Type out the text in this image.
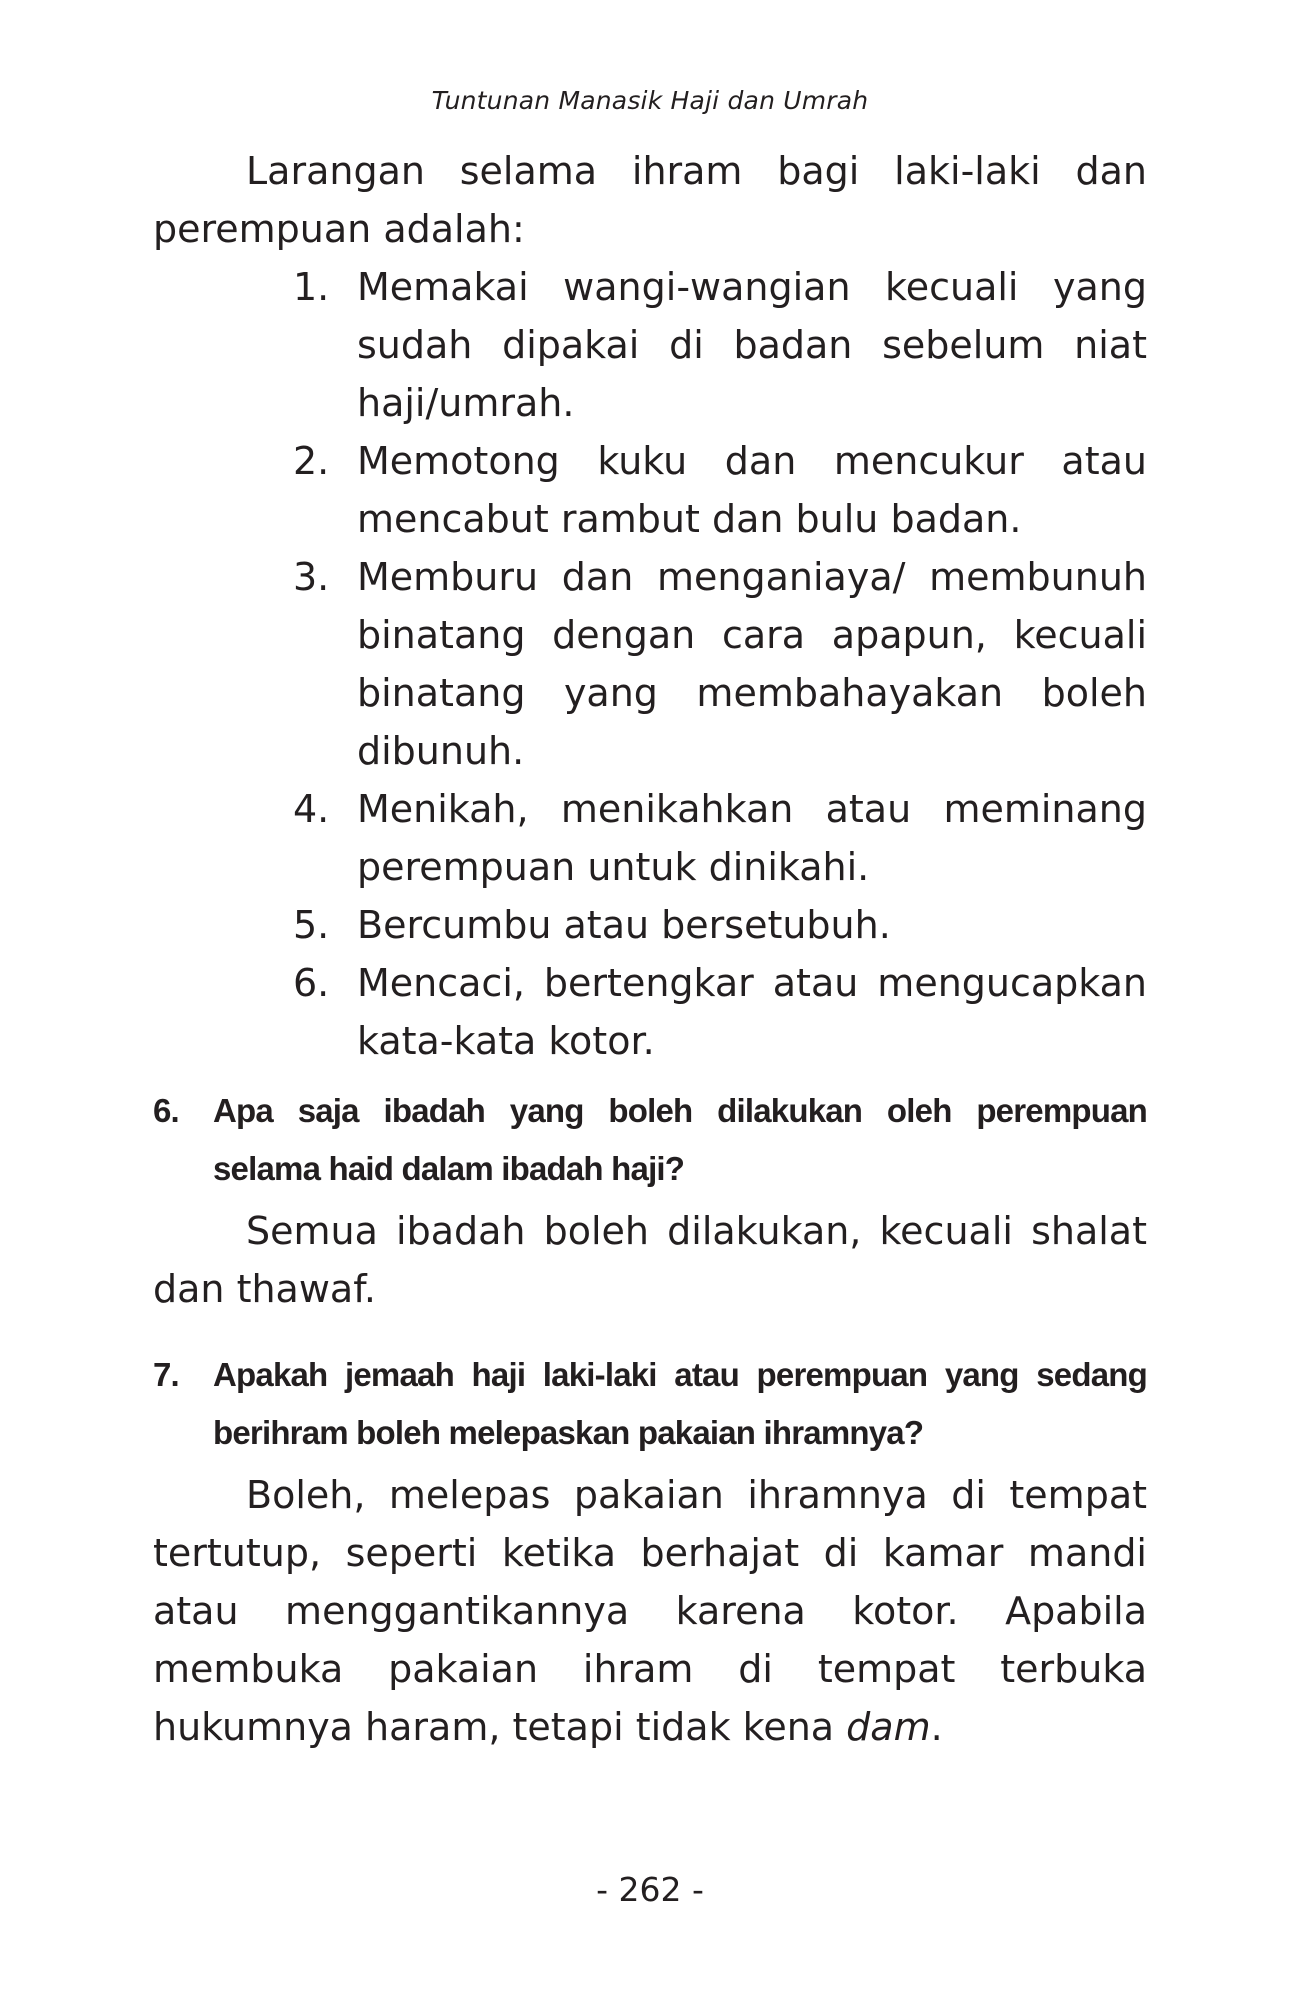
Tuntunan Manasik Haji dan Umrah

Larangan selama ihram bagi laki-laki dan perempuan adalah:

1. Memakai wangi-wangian kecuali yang sudah dipakai di badan sebelum niat haji/umrah.
2. Memotong kuku dan mencukur atau mencabut rambut dan bulu badan.
3. Memburu dan menganiaya/ membunuh binatang dengan cara apapun, kecuali binatang yang membahayakan boleh dibunuh.
4. Menikah, menikahkan atau meminang perempuan untuk dinikahi.
5. Bercumbu atau bersetubuh.
6. Mencaci, bertengkar atau mengucapkan kata-kata kotor.
6.	Apa saja ibadah yang boleh dilakukan oleh perempuan selama haid dalam ibadah haji?

Semua ibadah boleh dilakukan, kecuali shalat dan thawaf.

7.	Apakah jemaah haji laki-laki atau perempuan yang sedang berihram boleh melepaskan pakaian ihramnya?

Boleh, melepas pakaian ihramnya di tempat tertutup, seperti ketika berhajat di kamar mandi atau menggantikannya karena kotor. Apabila membuka pakaian ihram di tempat terbuka hukumnya haram, tetapi tidak kena dam.

- 262 -
